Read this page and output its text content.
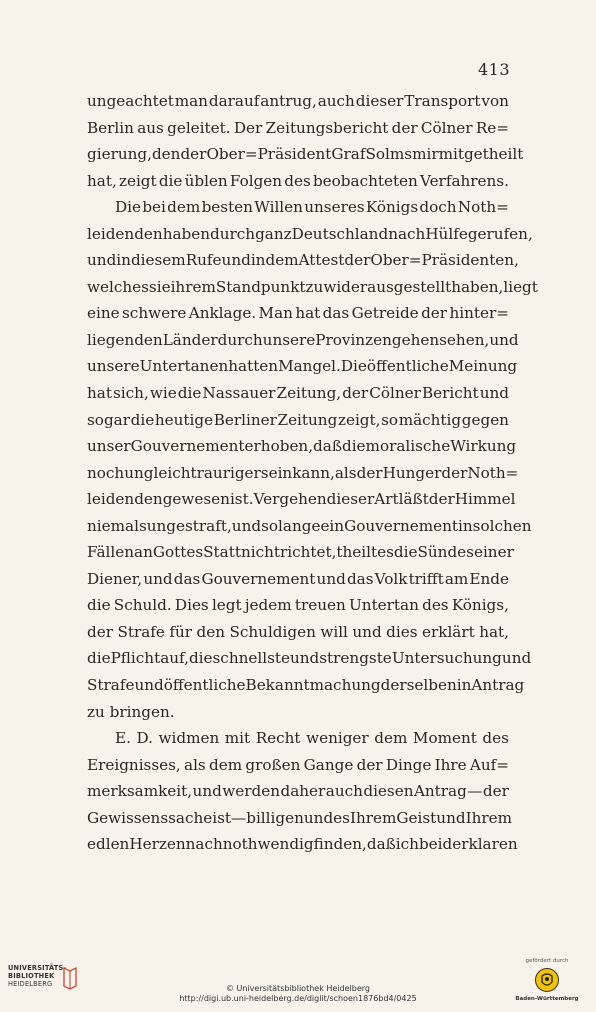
413
ungeachtet man darauf antrug, auch dieser Transport von
Berlin aus geleitet. Der Zeitungsbericht der Cölner Re=
gierung, den der Ober=Präsident Graf Solms mir mitgetheilt
hat, zeigt die üblen Folgen des beobachteten Verfahrens.
Die bei dem besten Willen unseres Königs doch Noth=
leidenden haben durch ganz Deutschland nach Hülfe gerufen,
und in diesem Rufe und in dem Attest der Ober=Präsidenten,
welches sie ihrem Standpunkt zuwider ausgestellt haben, liegt
eine schwere Anklage. Man hat das Getreide der hinter=
liegenden Länder durch unsere Provinzen gehen sehen, und
unsere Untertanen hatten Mangel. Die öffentliche Meinung
hat sich, wie die Nassauer Zeitung, der Cölner Bericht und
sogar die heutige Berliner Zeitung zeigt, so mächtig gegen
unser Gouvernement erhoben, daß die moralische Wirkung
noch ungleich trauriger sein kann, als der Hunger der Noth=
leidenden gewesen ist. Vergehen dieser Art läßt der Himmel
niemals ungestraft, und so lange ein Gouvernement in solchen
Fällen an Gottes Statt nicht richtet, theilt es die Sünde seiner
Diener, und das Gouvernement und das Volk trifft am Ende
die Schuld. Dies legt jedem treuen Untertan des Königs,
der Strafe für den Schuldigen will und dies erklärt hat,
die Pflicht auf, die schnellste und strengste Untersuchung und
Strafe und öffentliche Bekanntmachung derselben in Antrag
zu bringen.
E. D. widmen mit Recht weniger dem Moment des
Ereignisses, als dem großen Gange der Dinge Ihre Auf=
merksamkeit, und werden daher auch diesen Antrag — der
Gewissenssache ist — billigen und es Ihrem Geist und Ihrem
edlen Herzen nach nothwendig finden, daß ich bei der klaren
UNIVERSITÄTS-
BIBLIOTHEK
HEIDELBERG	© Universitätsbibliothek Heidelberg
http://digi.ub.uni-heidelberg.de/diglit/schoen1876bd4/0425
gefördert durch
Baden-Württemberg
